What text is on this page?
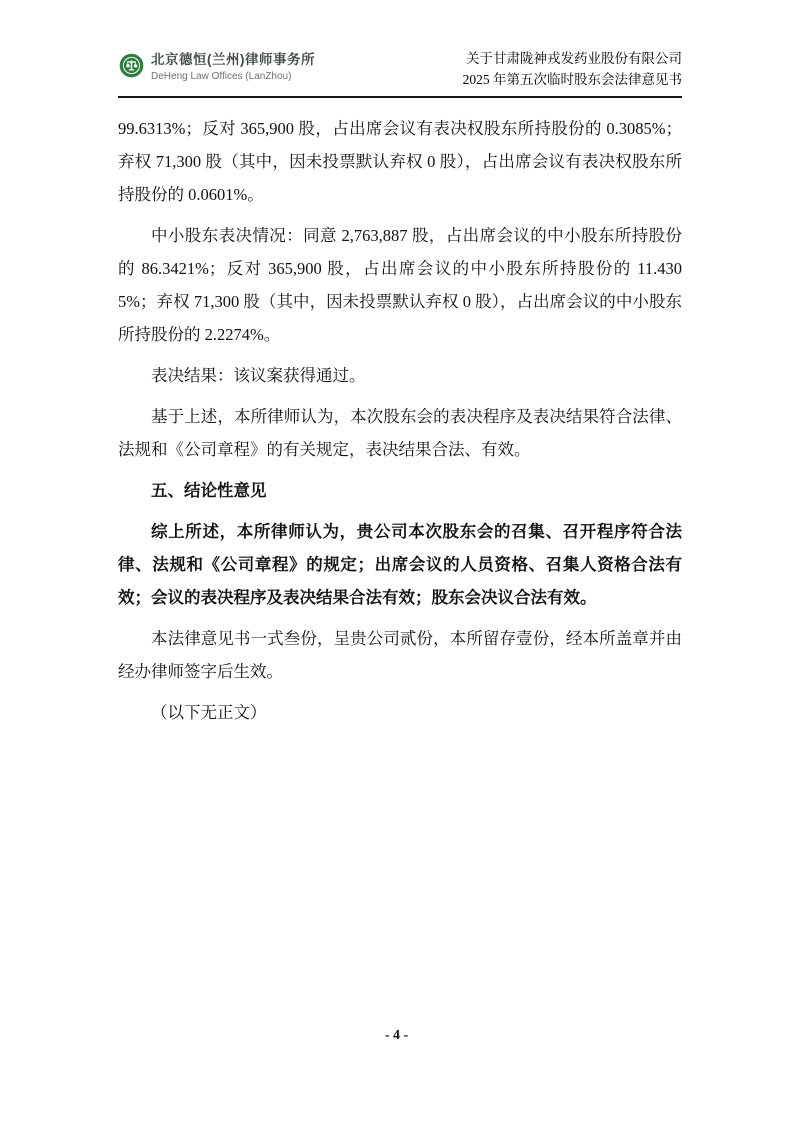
北京德恒(兰州)律师事务所
DeHeng Law Offices (LanZhou)
关于甘肃陇神戎发药业股份有限公司
2025 年第五次临时股东会法律意见书

99.6313%；反对 365,900 股，占出席会议有表决权股东所持股份的 0.3085%；弃权 71,300 股（其中，因未投票默认弃权 0 股），占出席会议有表决权股东所持股份的 0.0601%。

中小股东表决情况：同意 2,763,887 股，占出席会议的中小股东所持股份的 86.3421%；反对 365,900 股，占出席会议的中小股东所持股份的 11.4305%；弃权 71,300 股（其中，因未投票默认弃权 0 股），占出席会议的中小股东所持股份的 2.2274%。

表决结果：该议案获得通过。

基于上述，本所律师认为，本次股东会的表决程序及表决结果符合法律、法规和《公司章程》的有关规定，表决结果合法、有效。

五、结论性意见

综上所述，本所律师认为，贵公司本次股东会的召集、召开程序符合法律、法规和《公司章程》的规定；出席会议的人员资格、召集人资格合法有效；会议的表决程序及表决结果合法有效；股东会决议合法有效。

本法律意见书一式叁份，呈贵公司贰份，本所留存壹份，经本所盖章并由经办律师签字后生效。

（以下无正文）

- 4 -
